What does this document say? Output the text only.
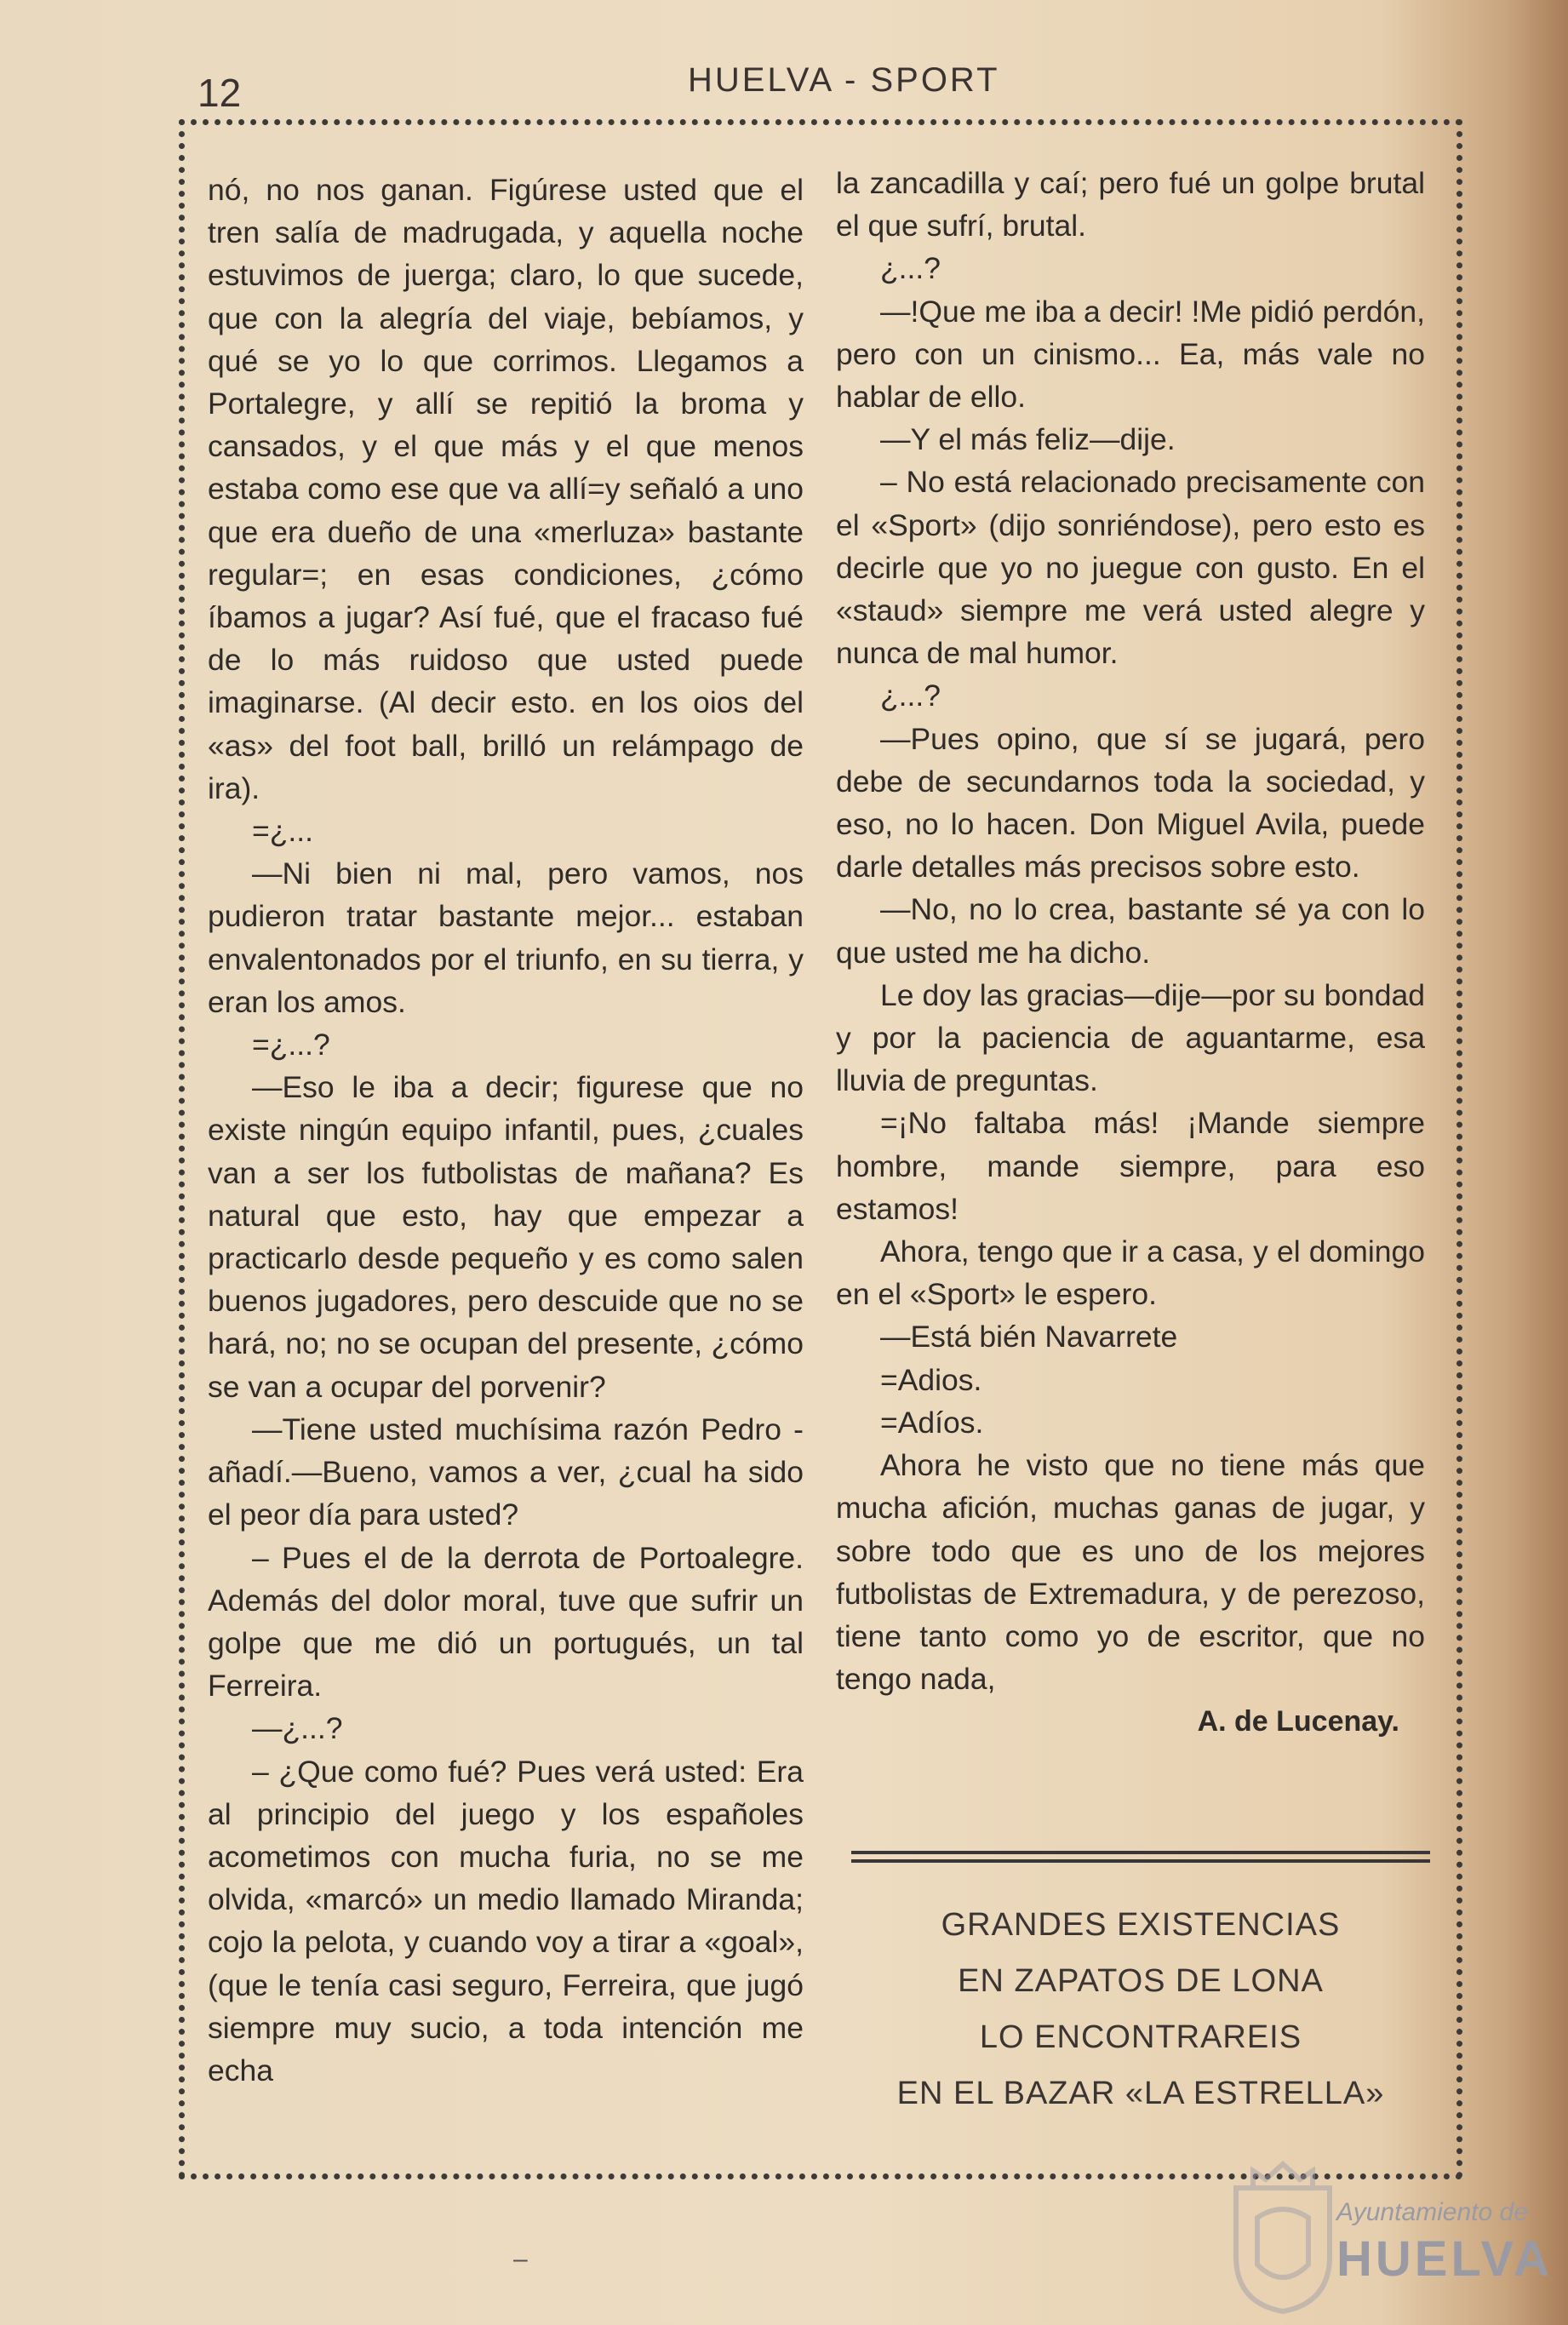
12	HUELVA - SPORT

nó, no nos ganan. Figúrese usted que el tren salía de madrugada, y aquella noche estuvimos de juerga; claro, lo que sucede, que con la alegría del viaje, bebíamos, y qué se yo lo que corrimos. Llegamos a Portalegre, y allí se repitió la broma y cansados, y el que más y el que menos estaba como ese que va allí=y señaló a uno que era dueño de una «merluza» bastante regular=; en esas condiciones, ¿cómo íbamos a jugar? Así fué, que el fracaso fué de lo más ruidoso que usted puede imaginarse. (Al decir esto. en los oios del «as» del foot ball, brilló un relámpago de ira).

=¿...

—Ni bien ni mal, pero vamos, nos pudieron tratar bastante mejor... estaban envalentonados por el triunfo, en su tierra, y eran los amos.

=¿...?

—Eso le iba a decir; figurese que no existe ningún equipo infantil, pues, ¿cuales van a ser los futbolistas de mañana? Es natural que esto, hay que empezar a practicarlo desde pequeño y es como salen buenos jugadores, pero descuide que no se hará, no; no se ocupan del presente, ¿cómo se van a ocupar del porvenir?

—Tiene usted muchísima razón Pedro - añadí.—Bueno, vamos a ver, ¿cual ha sido el peor día para usted?

– Pues el de la derrota de Portoalegre. Además del dolor moral, tuve que sufrir un golpe que me dió un portugués, un tal Ferreira.

—¿...?

– ¿Que como fué? Pues verá usted: Era al principio del juego y los españoles acometimos con mucha furia, no se me olvida, «marcó» un medio llamado Miranda; cojo la pelota, y cuando voy a tirar a «goal», (que le tenía casi seguro, Ferreira, que jugó siempre muy sucio, a toda intención me echa

la zancadilla y caí; pero fué un golpe brutal el que sufrí, brutal.

¿...?

—!Que me iba a decir! !Me pidió perdón, pero con un cinismo... Ea, más vale no hablar de ello.

—Y el más feliz—dije.

– No está relacionado precisamente con el «Sport» (dijo sonriéndose), pero esto es decirle que yo no juegue con gusto. En el «staud» siempre me verá usted alegre y nunca de mal humor.

¿...?

—Pues opino, que sí se jugará, pero debe de secundarnos toda la sociedad, y eso, no lo hacen. Don Miguel Avila, puede darle detalles más precisos sobre esto.

—No, no lo crea, bastante sé ya con lo que usted me ha dicho.

Le doy las gracias—dije—por su bondad y por la paciencia de aguantarme, esa lluvia de preguntas.

=¡No faltaba más! ¡Mande siempre hombre, mande siempre, para eso estamos!

Ahora, tengo que ir a casa, y el domingo en el «Sport» le espero.

—Está bién Navarrete

=Adios.

=Adíos.

Ahora he visto que no tiene más que mucha afición, muchas ganas de jugar, y sobre todo que es uno de los mejores futbolistas de Extremadura, y de perezoso, tiene tanto como yo de escritor, que no tengo nada,

A. de Lucenay.

GRANDES EXISTENCIAS
EN ZAPATOS DE LONA
LO ENCONTRAREIS
EN EL BAZAR «LA ESTRELLA»
Ayuntamiento de
HUELVA
–
